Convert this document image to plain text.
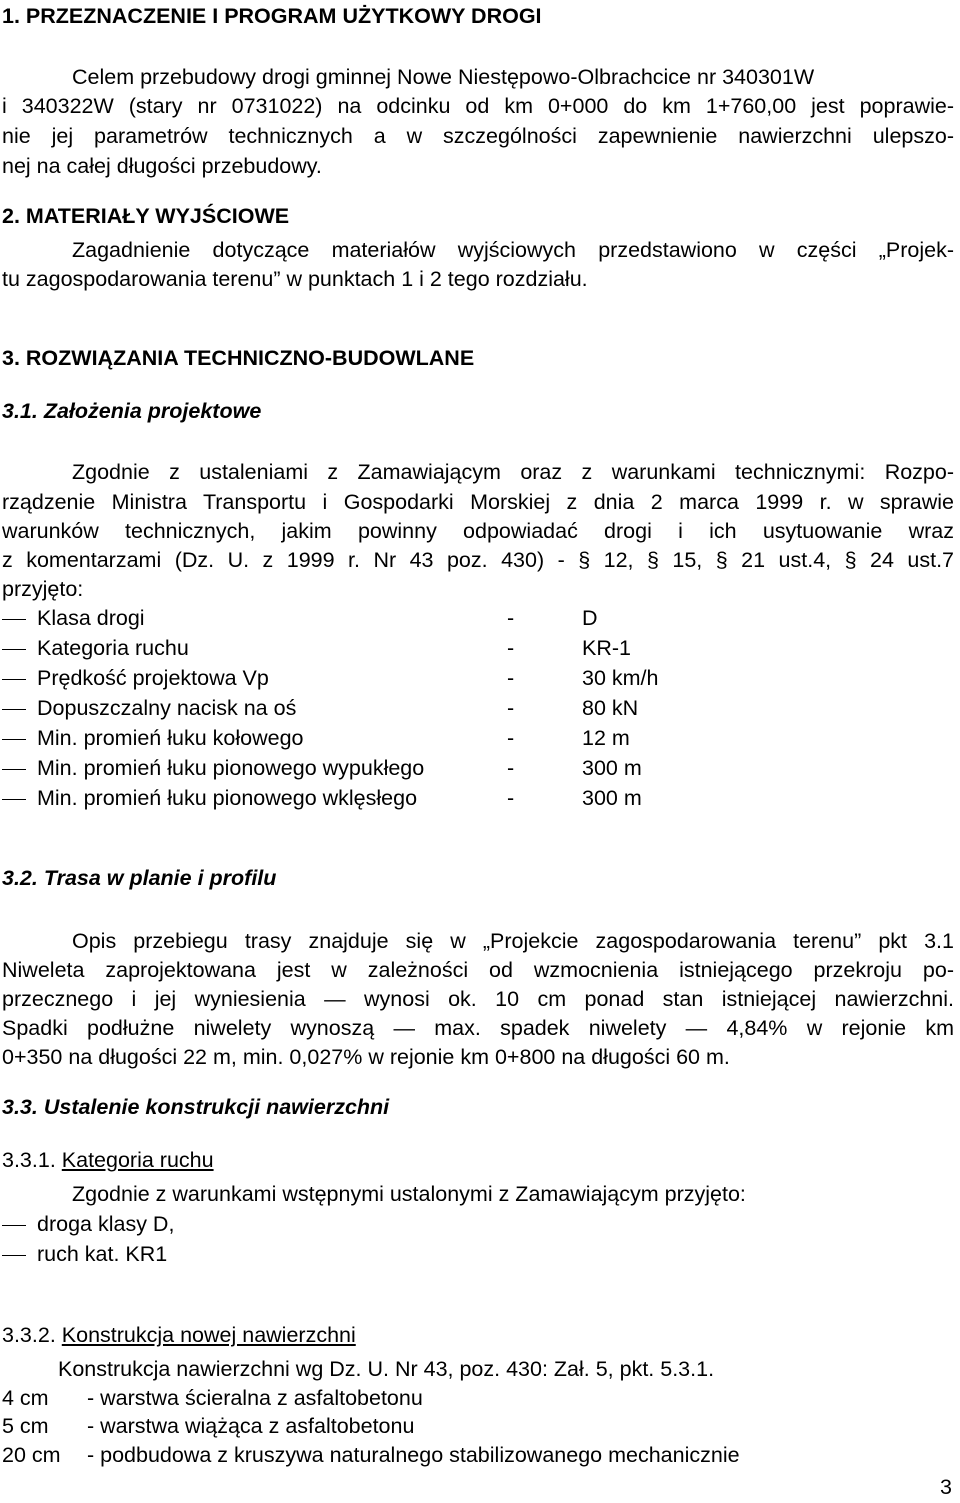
1. PRZEZNACZENIE I PROGRAM UŻYTKOWY DROGI
Celem przebudowy drogi gminnej Nowe Niestępowo-Olbrachcice nr 340301W
i 340322W (stary nr 0731022) na odcinku od km 0+000 do km 1+760,00 jest poprawie-
nie jej parametrów technicznych a w szczególności zapewnienie nawierzchni ulepszo-
nej na całej długości przebudowy.
2. MATERIAŁY WYJŚCIOWE
Zagadnienie dotyczące materiałów wyjściowych przedstawiono w części „Projek-
tu zagospodarowania terenu” w punktach 1 i 2 tego rozdziału.
3. ROZWIĄZANIA TECHNICZNO-BUDOWLANE
3.1. Założenia projektowe
Zgodnie z ustaleniami z Zamawiającym oraz z warunkami technicznymi: Rozpo-
rządzenie Ministra Transportu i Gospodarki Morskiej z dnia 2 marca 1999 r. w sprawie
warunków technicznych, jakim powinny odpowiadać drogi i ich usytuowanie wraz
z komentarzami (Dz. U. z 1999 r. Nr 43 poz. 430) - § 12, § 15, § 21 ust.4, § 24 ust.7
przyjęto:
Klasa drogi	-	D
Kategoria ruchu	-	KR-1
Prędkość projektowa Vp	-	30 km/h
Dopuszczalny nacisk na oś	-	80 kN
Min. promień łuku kołowego	-	12 m
Min. promień łuku pionowego wypukłego	-	300 m
Min. promień łuku pionowego wklęsłego	-	300 m
3.2. Trasa w planie i profilu
Opis przebiegu trasy znajduje się w „Projekcie zagospodarowania terenu” pkt 3.1
Niweleta zaprojektowana jest w zależności od wzmocnienia istniejącego przekroju po-
przecznego i jej wyniesienia — wynosi ok. 10 cm ponad stan istniejącej nawierzchni.
Spadki podłużne niwelety wynoszą — max. spadek niwelety — 4,84% w rejonie km
0+350 na długości 22 m, min. 0,027% w rejonie km 0+800 na długości 60 m.
3.3. Ustalenie konstrukcji nawierzchni
3.3.1. Kategoria ruchu
Zgodnie z warunkami wstępnymi ustalonymi z Zamawiającym przyjęto:
droga klasy D,
ruch kat. KR1
3.3.2. Konstrukcja nowej nawierzchni
Konstrukcja nawierzchni wg Dz. U. Nr 43, poz. 430: Zał. 5, pkt. 5.3.1.
4 cm - warstwa ścieralna z asfaltobetonu
5 cm - warstwa wiążąca z asfaltobetonu
20 cm - podbudowa z kruszywa naturalnego stabilizowanego mechanicznie
3
